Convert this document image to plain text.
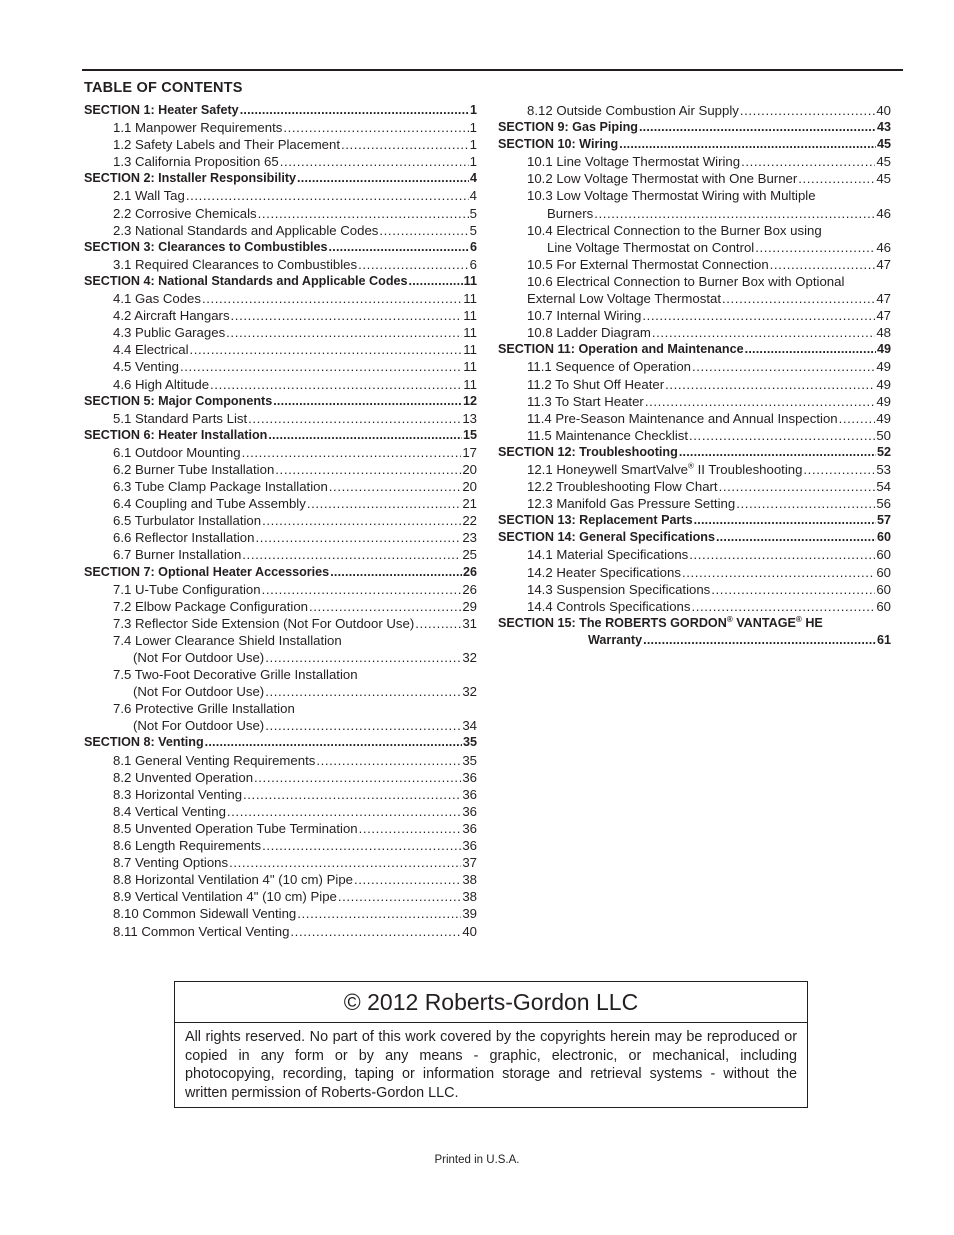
TABLE OF CONTENTS
SECTION 1: Heater Safety .....	1
1.1 Manpower Requirements .....	1
1.2 Safety Labels and Their Placement .....	1
1.3 California Proposition 65 .....	1
SECTION 2: Installer Responsibility .....	4
2.1 Wall Tag .....	4
2.2 Corrosive Chemicals .....	5
2.3 National Standards and Applicable Codes .....	5
SECTION 3: Clearances to Combustibles .....	6
3.1 Required Clearances to Combustibles .....	6
SECTION 4: National Standards and Applicable Codes .....	11
4.1 Gas Codes .....	11
4.2 Aircraft Hangars .....	11
4.3 Public Garages .....	11
4.4 Electrical .....	11
4.5 Venting .....	11
4.6 High Altitude .....	11
SECTION 5: Major Components .....	12
5.1 Standard Parts List .....	13
SECTION 6: Heater Installation .....	15
6.1 Outdoor Mounting .....	17
6.2 Burner Tube Installation .....	20
6.3 Tube Clamp Package Installation .....	20
6.4 Coupling and Tube Assembly .....	21
6.5 Turbulator Installation .....	22
6.6 Reflector Installation .....	23
6.7 Burner Installation .....	25
SECTION 7: Optional Heater Accessories .....	26
7.1 U-Tube Configuration .....	26
7.2 Elbow Package Configuration .....	29
7.3 Reflector Side Extension (Not For Outdoor Use) .....	31
7.4 Lower Clearance Shield Installation
(Not For Outdoor Use) .....	32
7.5 Two-Foot Decorative Grille Installation
(Not For Outdoor Use) .....	32
7.6 Protective Grille Installation
(Not For Outdoor Use) .....	34
SECTION 8: Venting .....	35
8.1 General Venting Requirements .....	35
8.2 Unvented Operation .....	36
8.3 Horizontal Venting .....	36
8.4 Vertical Venting .....	36
8.5 Unvented Operation Tube Termination .....	36
8.6 Length Requirements .....	36
8.7 Venting Options .....	37
8.8 Horizontal Ventilation 4" (10 cm) Pipe .....	38
8.9 Vertical Ventilation 4" (10 cm) Pipe .....	38
8.10 Common Sidewall Venting .....	39
8.11 Common Vertical Venting .....	40
8.12 Outside Combustion Air Supply .....	40
SECTION 9: Gas Piping .....	43
SECTION 10: Wiring .....	45
10.1 Line Voltage Thermostat Wiring .....	45
10.2 Low Voltage Thermostat with One Burner .....	45
10.3 Low Voltage Thermostat Wiring with Multiple
Burners .....	46
10.4 Electrical Connection to the Burner Box using
Line Voltage Thermostat on Control .....	46
10.5 For External Thermostat Connection .....	47
10.6 Electrical Connection to Burner Box with Optional
External Low Voltage Thermostat .....	47
10.7 Internal Wiring .....	47
10.8 Ladder Diagram .....	48
SECTION 11: Operation and Maintenance .....	49
11.1 Sequence of Operation .....	49
11.2 To Shut Off Heater .....	49
11.3 To Start Heater .....	49
11.4 Pre-Season Maintenance and Annual Inspection .....	49
11.5 Maintenance Checklist .....	50
SECTION 12: Troubleshooting .....	52
12.1 Honeywell SmartValve® II Troubleshooting .....	53
12.2 Troubleshooting Flow Chart .....	54
12.3 Manifold Gas Pressure Setting .....	56
SECTION 13: Replacement Parts .....	57
SECTION 14: General Specifications .....	60
14.1 Material Specifications .....	60
14.2 Heater Specifications .....	60
14.3 Suspension Specifications .....	60
14.4 Controls Specifications .....	60
SECTION 15: The ROBERTS GORDON® VANTAGE® HE
Warranty .....	61
© 2012 Roberts-Gordon LLC
All rights reserved. No part of this work covered by the copyrights herein may be reproduced or copied in any form or by any means - graphic, electronic, or mechanical, including photocopying, recording, taping or information storage and retrieval systems - without the written permission of Roberts-Gordon LLC.
Printed in U.S.A.
